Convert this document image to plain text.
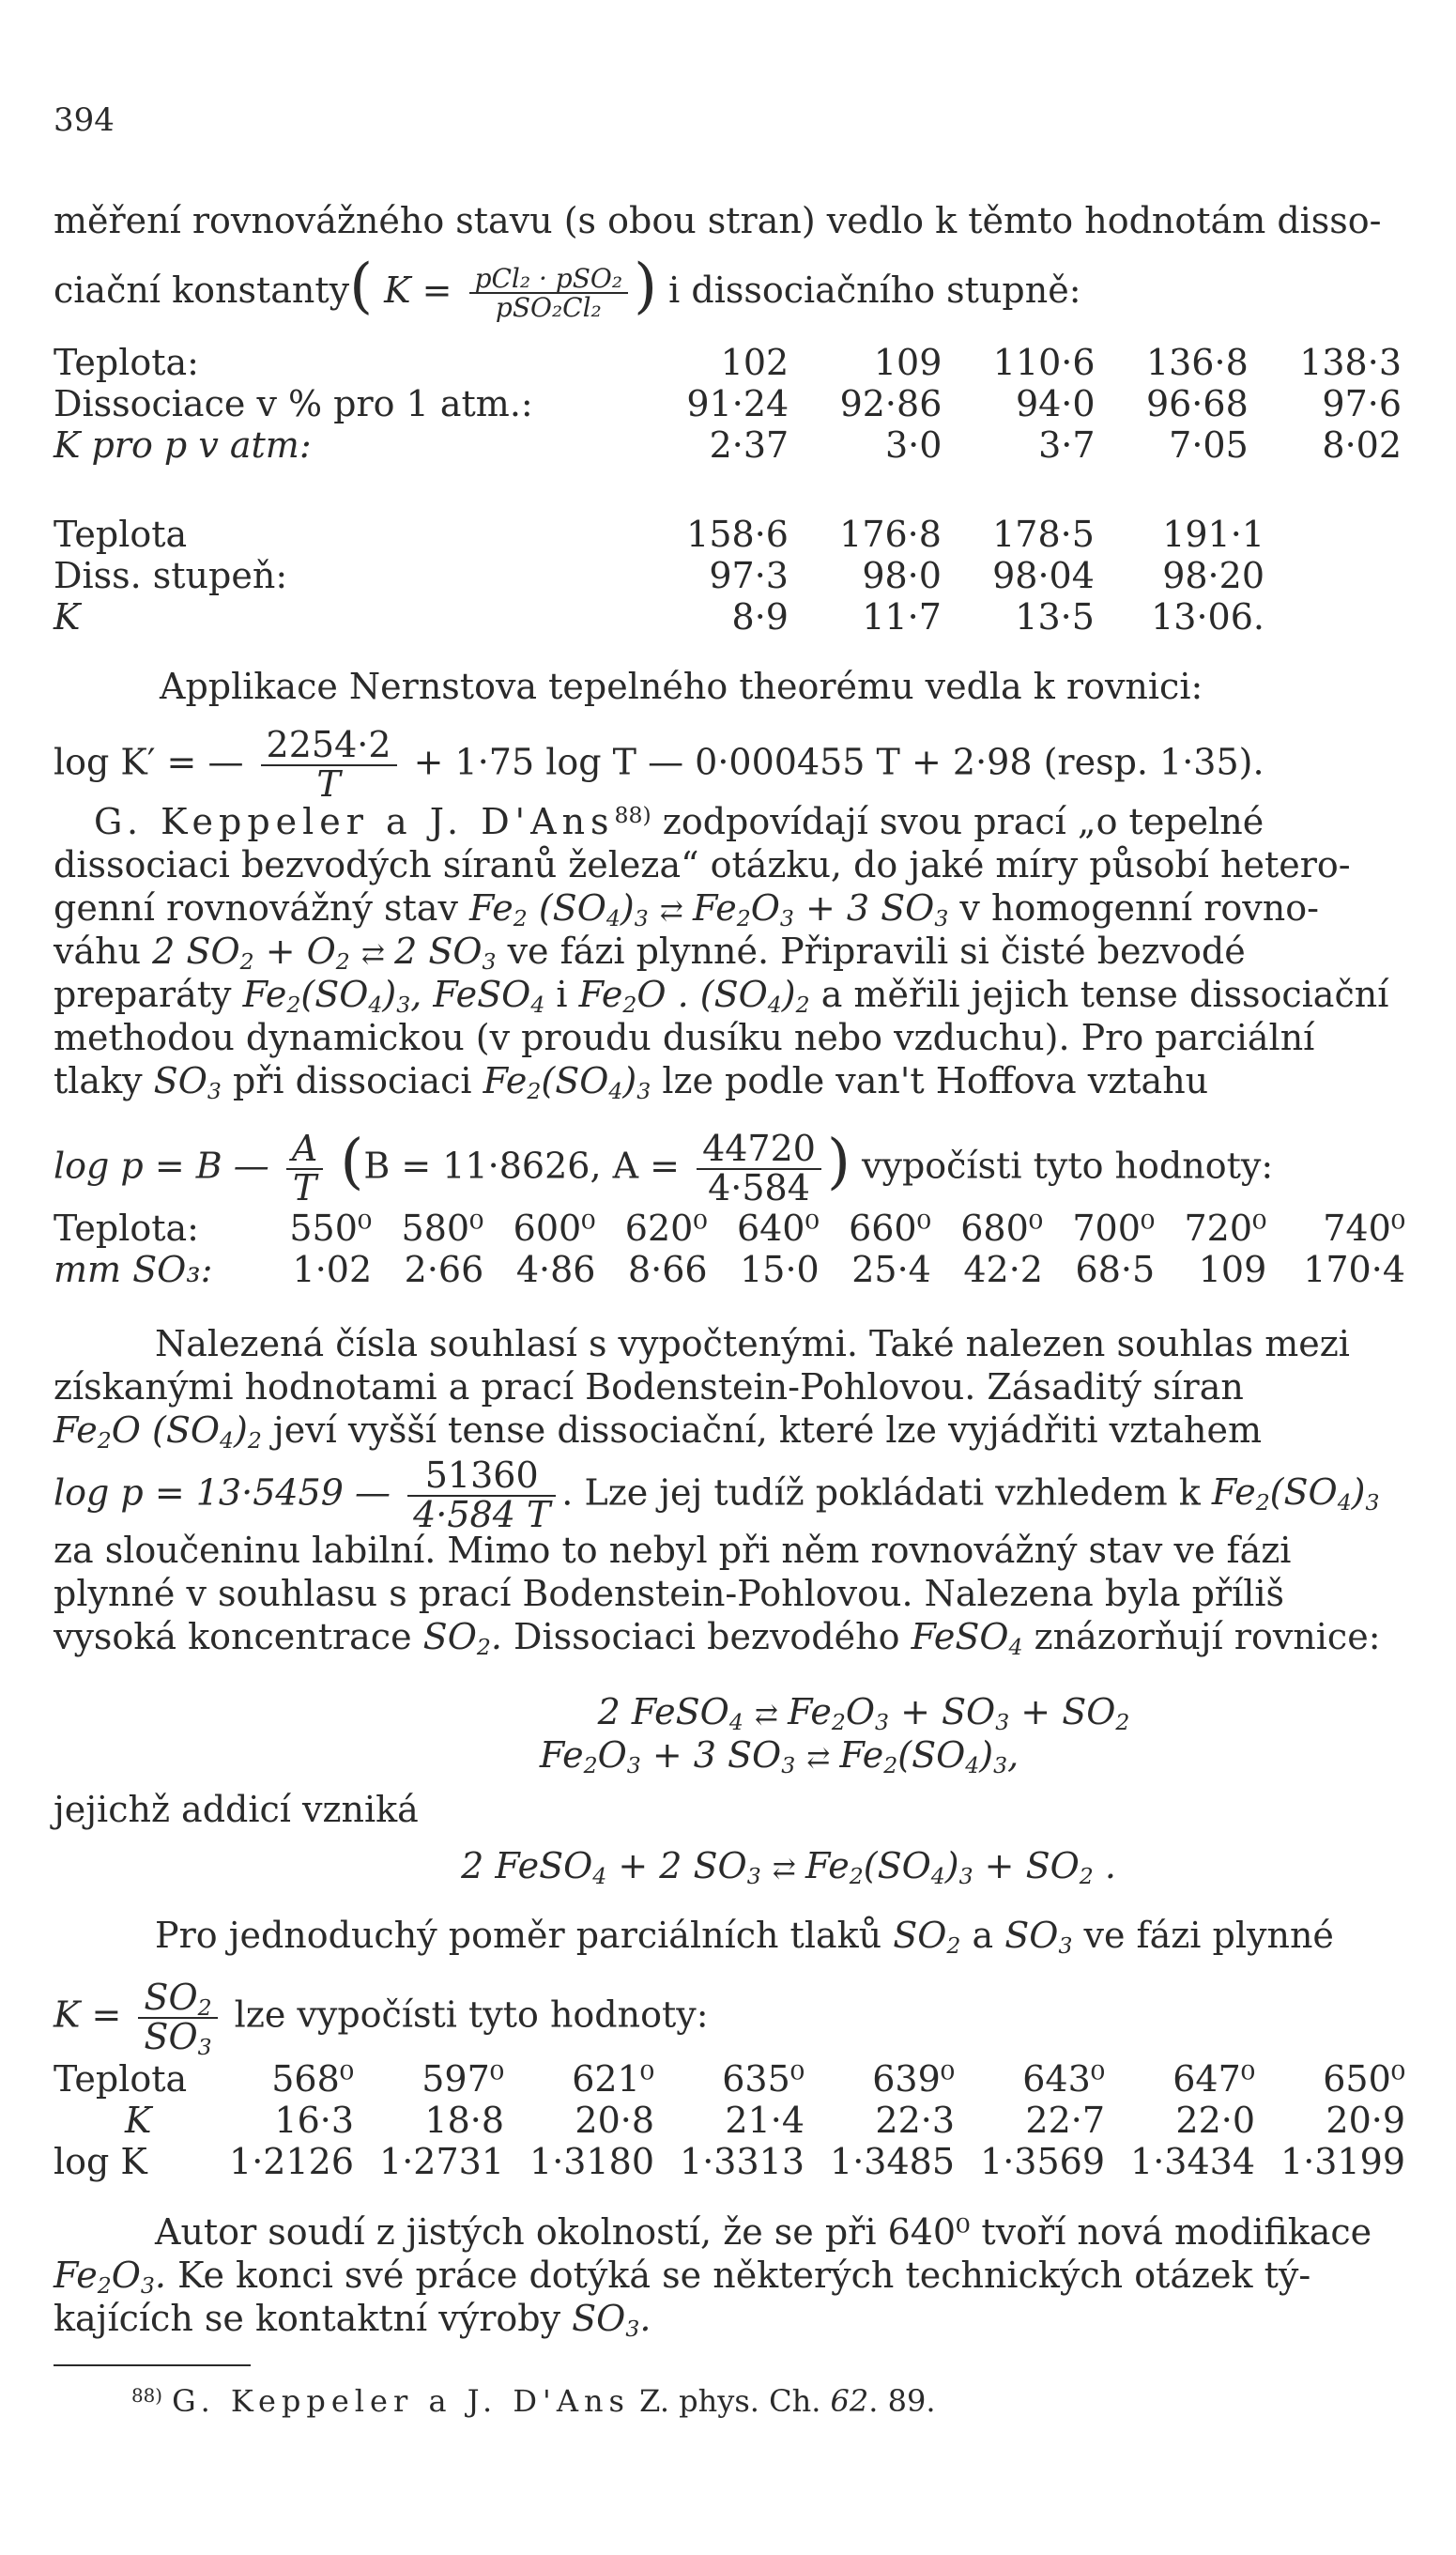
394
měření rovnovážného stavu (s obou stran) vedlo k těmto hodnotám disso-
ciační konstanty( $K = \frac{\text{pCl₂ · pSO₂}}{\text{pSO₂Cl₂}}$ ) i dissociačního stupně:
Teplota:	102	109	110·6	136·8	138·3
Dissociace v % pro 1 atm.:	91·24	92·86	94·0	96·68	97·6
K pro p v atm:	2·37	3·0	3·7	7·05	8·02
Teplota	158·6	176·8	178·5	191·1
Diss. stupeň:	97·3	98·0	98·04	98·20
K	8·9	11·7	13·5	13·06.
Applikace Nernstova tepelného theorému vedla k rovnici:
log K′ = — $\frac{2254\cdot 2}{T} + 1\cdot 75$ log T — 0·000455 T + 2·98 (resp. 1·35).
G. Keppeler a J. D'Ans$^{88)}$ zodpovídají svou prací „o tepelné
dissociaci bezvodých síranů železa“ otázku, do jaké míry působí hetero-
genní rovnovážný stav $Fe_2$ $(SO_4)_3$ ⇄ $Fe_2O_3 + 3$ $SO_3$ v homogenní rovno-
váhu 2 $SO_2 + O_2$ ⇄ 2 $SO_3$ ve fázi plynné. Připravili si čisté bezvodé
preparáty $Fe_2(SO_4)_3$, FeSO$_4$ i $Fe_2O$ . $(SO_4)_2$ a měřili jejich tense dissociační
methodou dynamickou (v proudu dusíku nebo vzduchu). Pro parciální
tlaky $SO_3$ při dissociaci $Fe_2(SO_4)_3$ lze podle van't Hoffova vztahu
log p = B — $\frac{A}{T} (B = 11\cdot 8626$, $A = \frac{44720}{4\cdot 584}$ ) vypočísti tyto hodnoty:
Teplota:	550⁰	580⁰	600⁰	620⁰	640⁰	660⁰	680⁰	700⁰	720⁰	740⁰
mm SO₃:	1·02	2·66	4·86	8·66	15·0	25·4	42·2	68·5	109	170·4
Nalezená čísla souhlasí s vypočtenými. Také nalezen souhlas mezi
získanými hodnotami a prací Bodenstein-Pohlovou. Zásaditý síran
$Fe_2O$ $(SO_4)_2$ jeví vyšší tense dissociační, které lze vyjádřiti vztahem
log p = 13·5459 — $\frac{51360}{4\cdot 584 T}$ . Lze jej tudíž pokládati vzhledem k $Fe_2(SO_4)_3$
za sloučeninu labilní. Mimo to nebyl při něm rovnovážný stav ve fázi
plynné v souhlasu s prací Bodenstein-Pohlovou. Nalezena byla příliš
vysoká koncentrace $SO_2$. Dissociaci bezvodého FeSO$_4$ znázorňují rovnice:
2 FeSO$_4$ ⇄ $Fe_2O_3 + SO_3 + SO_2$
$Fe_2O_3 + 3$ $SO_3$ ⇄ $Fe_2(SO_4)_3$,
jejichž addicí vzniká
2 FeSO$_4$ + 2 $SO_3$ ⇄ $Fe_2(SO_4)_3 + SO_2$ .
Pro jednoduchý poměr parciálních tlaků $SO_2$ a $SO_3$ ve fázi plynné
$K = \frac{SO_2}{SO_3}$ lze vypočísti tyto hodnoty:
Teplota	568⁰	597⁰	621⁰	635⁰	639⁰	643⁰	647⁰	650⁰
K	16·3	18·8	20·8	21·4	22·3	22·7	22·0	20·9
log K	1·2126	1·2731	1·3180	1·3313	1·3485	1·3569	1·3434	1·3199
Autor soudí z jistých okolností, že se při 640⁰ tvoří nová modifikace
$Fe_2O_3$. Ke konci své práce dotýká se některých technických otázek tý-
kajících se kontaktní výroby $SO_3$.
$^{88)}$ G. Keppeler a J. D'Ans Z. phys. Ch. 62. 89.
